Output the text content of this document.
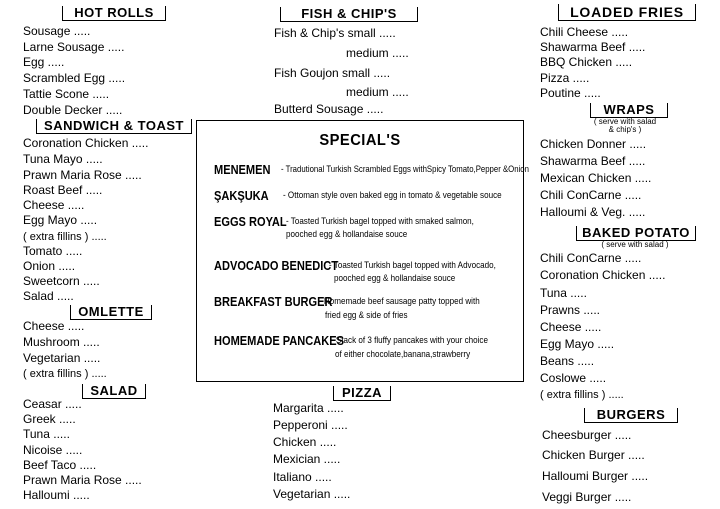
HOT ROLLS
Sousage .....
Larne Sousage .....
Egg .....
Scrambled Egg .....
Tattie Scone .....
Double Decker .....
SANDWICH & TOAST
Coronation Chicken .....
Tuna Mayo .....
Prawn Maria Rose .....
Roast Beef .....
Cheese .....
Egg Mayo .....
( extra fillins ) .....
Tomato .....
Onion .....
Sweetcorn .....
Salad .....
OMLETTE
Cheese .....
Mushroom .....
Vegetarian .....
( extra fillins ) .....
SALAD
Ceasar .....
Greek .....
Tuna .....
Nicoise .....
Beef Taco .....
Prawn Maria Rose .....
Halloumi .....
FISH & CHIP'S
Fish & Chip's small .....
medium .....
Fish Goujon small .....
medium .....
Butterd Sousage .....
SPECIAL'S
MENEMEN - Tradutional Turkish Scrambled Eggs withSpicy Tomato,Pepper &Onion
ŞAKŞUKA - Ottoman style oven baked egg in tomato & vegetable souce
EGGS ROYAL - Toasted Turkish bagel topped with smaked salmon,
pooched egg & hollandaise souce
ADVOCADO BENEDICT
- Toasted Turkish bagel topped with Advocado,
pooched egg & hollandaise souce
BREAKFAST BURGER
- Homemade beef sausage patty topped with
fried egg & side of fries
HOMEMADE PANCAKES
- Stack of 3 fluffy pancakes with your choice
of either chocolate,banana,strawberry
PIZZA
Margarita .....
Pepperoni .....
Chicken .....
Mexician .....
Italiano .....
Vegetarian .....
LOADED FRIES
Chili Cheese .....
Shawarma Beef .....
BBQ Chicken .....
Pizza .....
Poutine .....
WRAPS
( serve with salad
& chip's )
Chicken Donner .....
Shawarma Beef .....
Mexican Chicken .....
Chili ConCarne .....
Halloumi & Veg. .....
BAKED POTATO
( serve with salad )
Chili ConCarne .....
Coronation Chicken .....
Tuna .....
Prawns .....
Cheese .....
Egg Mayo .....
Beans .....
Coslowe .....
( extra fillins ) .....
BURGERS
Cheesburger .....
Chicken Burger .....
Halloumi Burger .....
Veggi Burger .....
